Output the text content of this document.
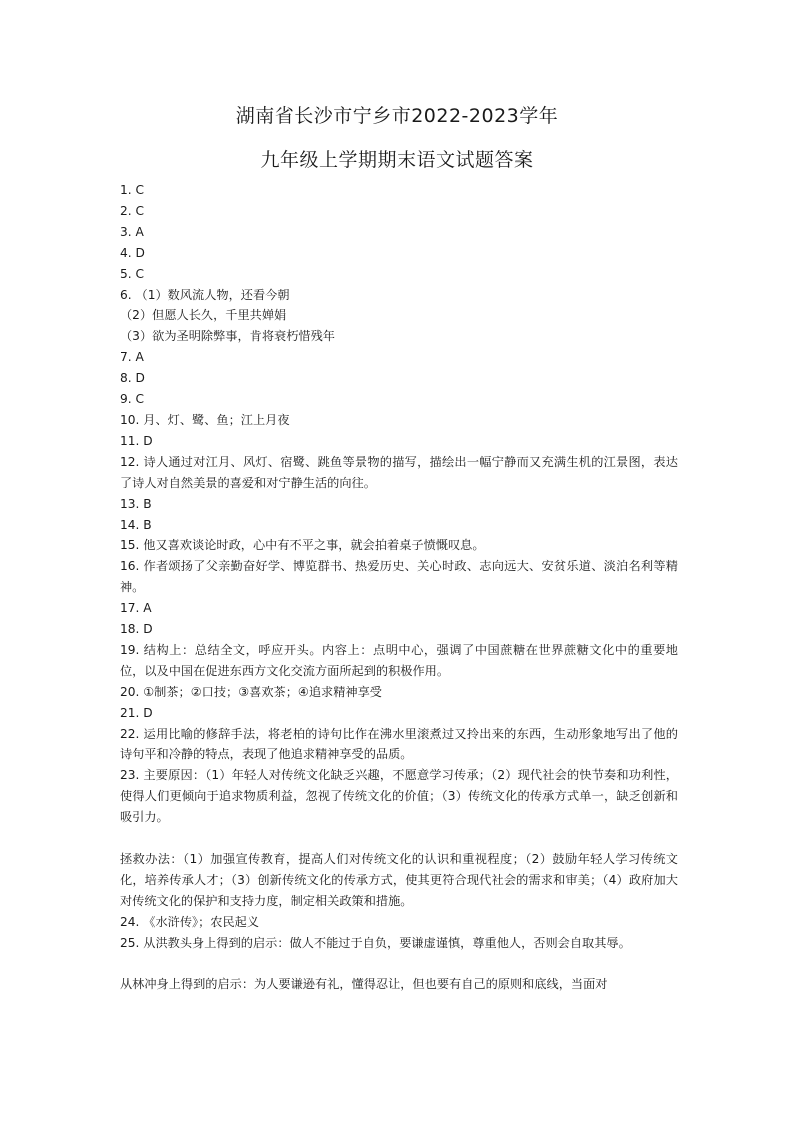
湖南省长沙市宁乡市2022-2023学年
九年级上学期期末语文试题答案

1. C

2. C

3. A

4. D

5. C

6. （1）数风流人物，还看今朝

（2）但愿人长久，千里共婵娟

（3）欲为圣明除弊事，肯将衰朽惜残年

7. A

8. D

9. C

10. 月、灯、鹭、鱼；江上月夜

11. D

12. 诗人通过对江月、风灯、宿鹭、跳鱼等景物的描写，描绘出一幅宁静而又充满生机的江景图，表达了诗人对自然美景的喜爱和对宁静生活的向往。

13. B

14. B

15. 他又喜欢谈论时政，心中有不平之事，就会拍着桌子愤慨叹息。

16. 作者颂扬了父亲勤奋好学、博览群书、热爱历史、关心时政、志向远大、安贫乐道、淡泊名利等精神。

17. A

18. D

19. 结构上：总结全文，呼应开头。内容上：点明中心，强调了中国蔗糖在世界蔗糖文化中的重要地位，以及中国在促进东西方文化交流方面所起到的积极作用。

20. ①制茶；②口技；③喜欢茶；④追求精神享受

21. D

22. 运用比喻的修辞手法，将老柏的诗句比作在沸水里滚煮过又拎出来的东西，生动形象地写出了他的诗句平和冷静的特点，表现了他追求精神享受的品质。

23. 主要原因：（1）年轻人对传统文化缺乏兴趣，不愿意学习传承；（2）现代社会的快节奏和功利性，使得人们更倾向于追求物质利益，忽视了传统文化的价值；（3）传统文化的传承方式单一，缺乏创新和吸引力。

拯救办法：（1）加强宣传教育，提高人们对传统文化的认识和重视程度；（2）鼓励年轻人学习传统文化，培养传承人才；（3）创新传统文化的传承方式，使其更符合现代社会的需求和审美；（4）政府加大对传统文化的保护和支持力度，制定相关政策和措施。

24. 《水浒传》；农民起义

25. 从洪教头身上得到的启示：做人不能过于自负，要谦虚谨慎，尊重他人，否则会自取其辱。

从林冲身上得到的启示：为人要谦逊有礼，懂得忍让，但也要有自己的原则和底线，当面对
